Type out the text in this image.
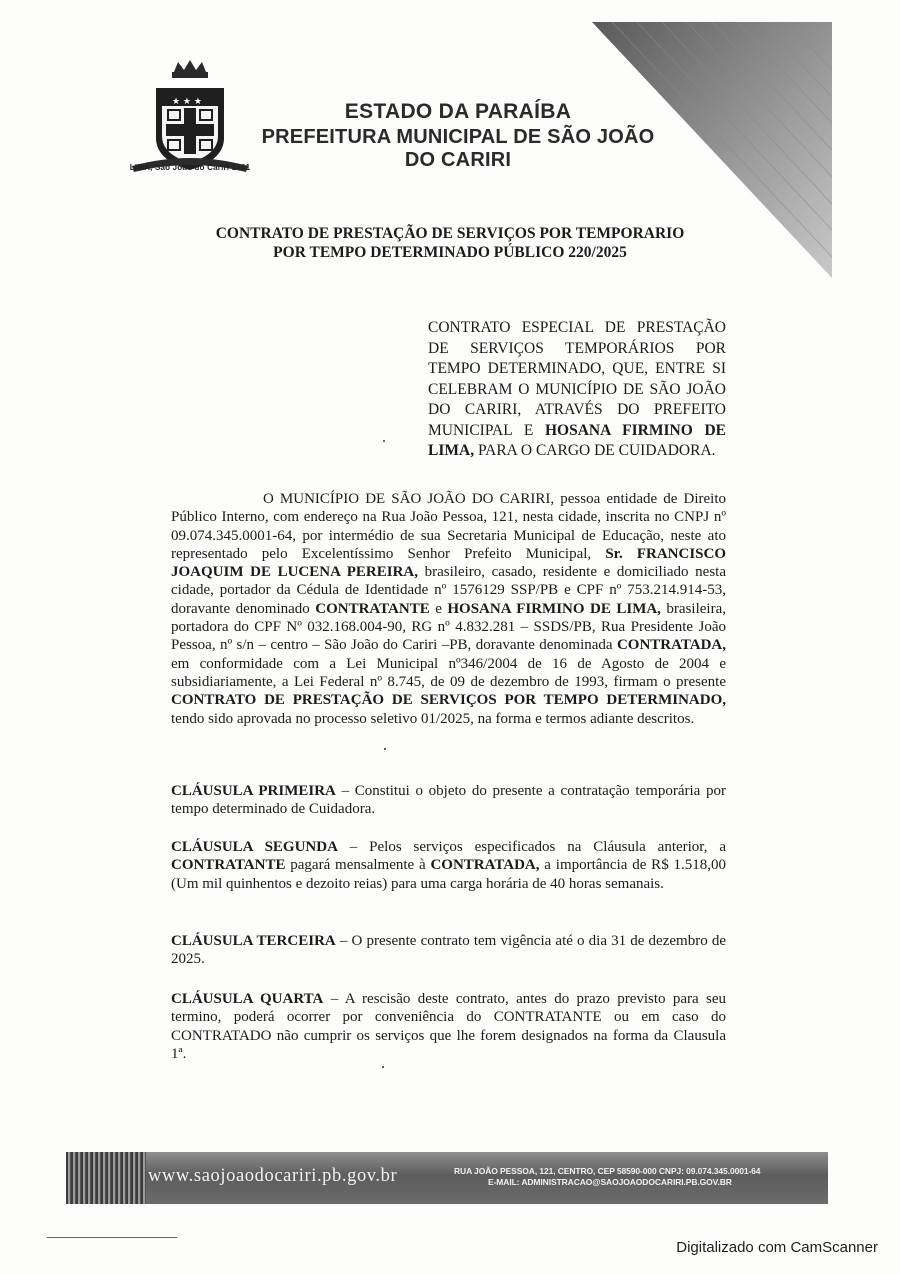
★ ★ ★
LIMA, São João do Cariri 1801
ESTADO DA PARAÍBA
PREFEITURA MUNICIPAL DE SÃO JOÃO DO CARIRI
CONTRATO DE PRESTAÇÃO DE SERVIÇOS POR TEMPORARIO
POR TEMPO DETERMINADO PÚBLICO 220/2025
CONTRATO ESPECIAL DE PRESTAÇÃO DE SERVIÇOS TEMPORÁRIOS POR TEMPO DETERMINADO, QUE, ENTRE SI CELEBRAM O MUNICÍPIO DE SÃO JOÃO DO CARIRI, ATRAVÉS DO PREFEITO MUNICIPAL E HOSANA FIRMINO DE LIMA, PARA O CARGO DE CUIDADORA.
O MUNICÍPIO DE SÃO JOÃO DO CARIRI, pessoa entidade de Direito Público Interno, com endereço na Rua João Pessoa, 121, nesta cidade, inscrita no CNPJ nº 09.074.345.0001-64, por intermédio de sua Secretaria Municipal de Educação, neste ato representado pelo Excelentíssimo Senhor Prefeito Municipal, Sr. FRANCISCO JOAQUIM DE LUCENA PEREIRA, brasileiro, casado, residente e domiciliado nesta cidade, portador da Cédula de Identidade nº 1576129 SSP/PB e CPF nº 753.214.914-53, doravante denominado CONTRATANTE e HOSANA FIRMINO DE LIMA, brasileira, portadora do CPF Nº 032.168.004-90, RG nº 4.832.281 – SSDS/PB, Rua Presidente João Pessoa, nº s/n – centro – São João do Cariri –PB, doravante denominada CONTRATADA, em conformidade com a Lei Municipal nº346/2004 de 16 de Agosto de 2004 e subsidiariamente, a Lei Federal nº 8.745, de 09 de dezembro de 1993, firmam o presente CONTRATO DE PRESTAÇÃO DE SERVIÇOS POR TEMPO DETERMINADO, tendo sido aprovada no processo seletivo 01/2025, na forma e termos adiante descritos.
CLÁUSULA PRIMEIRA – Constitui o objeto do presente a contratação temporária por tempo determinado de Cuidadora.
CLÁUSULA SEGUNDA – Pelos serviços especificados na Cláusula anterior, a CONTRATANTE pagará mensalmente à CONTRATADA, a importância de R$ 1.518,00 (Um mil quinhentos e dezoito reias) para uma carga horária de 40 horas semanais.
CLÁUSULA TERCEIRA – O presente contrato tem vigência até o dia 31 de dezembro de 2025.
CLÁUSULA QUARTA – A rescisão deste contrato, antes do prazo previsto para seu termino, poderá ocorrer por conveniência do CONTRATANTE ou em caso do CONTRATADO não cumprir os serviços que lhe forem designados na forma da Clausula 1ª.
www.saojoaodocariri.pb.gov.br	RUA JOÃO PESSOA, 121, CENTRO, CEP 58590-000 CNPJ: 09.074.345.0001-64
E-MAIL: ADMINISTRACAO@SAOJOAODOCARIRI.PB.GOV.BR
Digitalizado com CamScanner
